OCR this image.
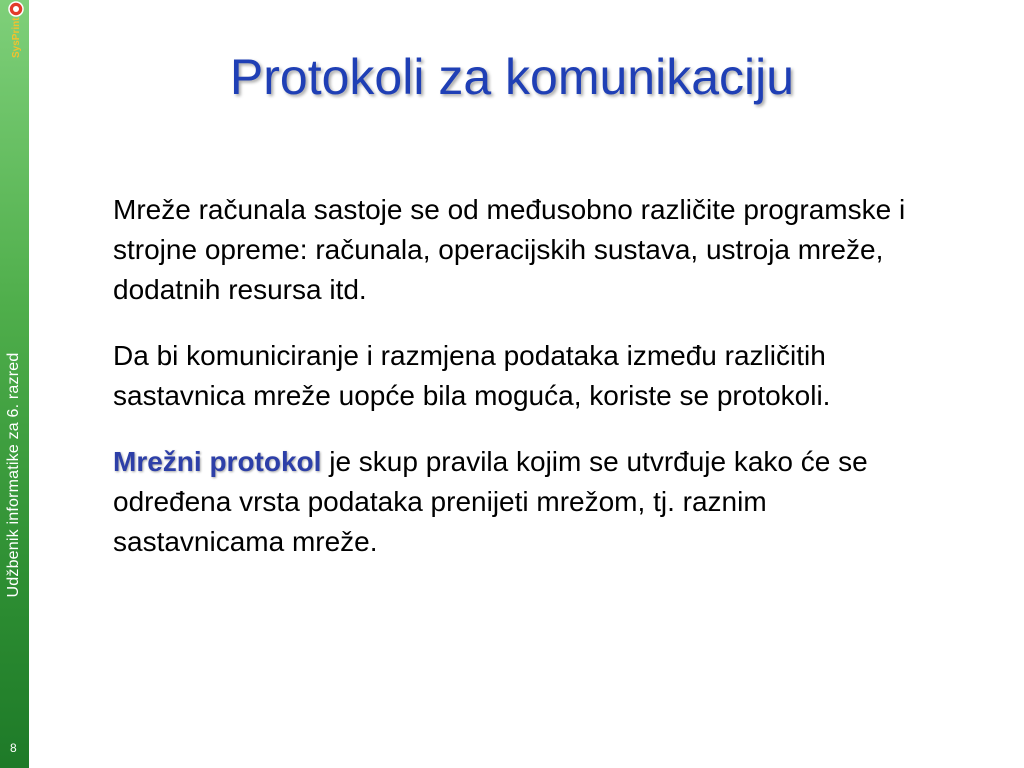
SysPrint
Udžbenik informatike za 6. razred
8
Protokoli za komunikaciju

Mreže računala sastoje se od međusobno različite programske i strojne opreme: računala, operacijskih sustava, ustroja mreže, dodatnih resursa itd.

Da bi komuniciranje i razmjena podataka između različitih sastavnica mreže uopće bila moguća, koriste se protokoli.

Mrežni protokol je skup pravila kojim se utvrđuje kako će se određena vrsta podataka prenijeti mrežom, tj. raznim sastavnicama mreže.
